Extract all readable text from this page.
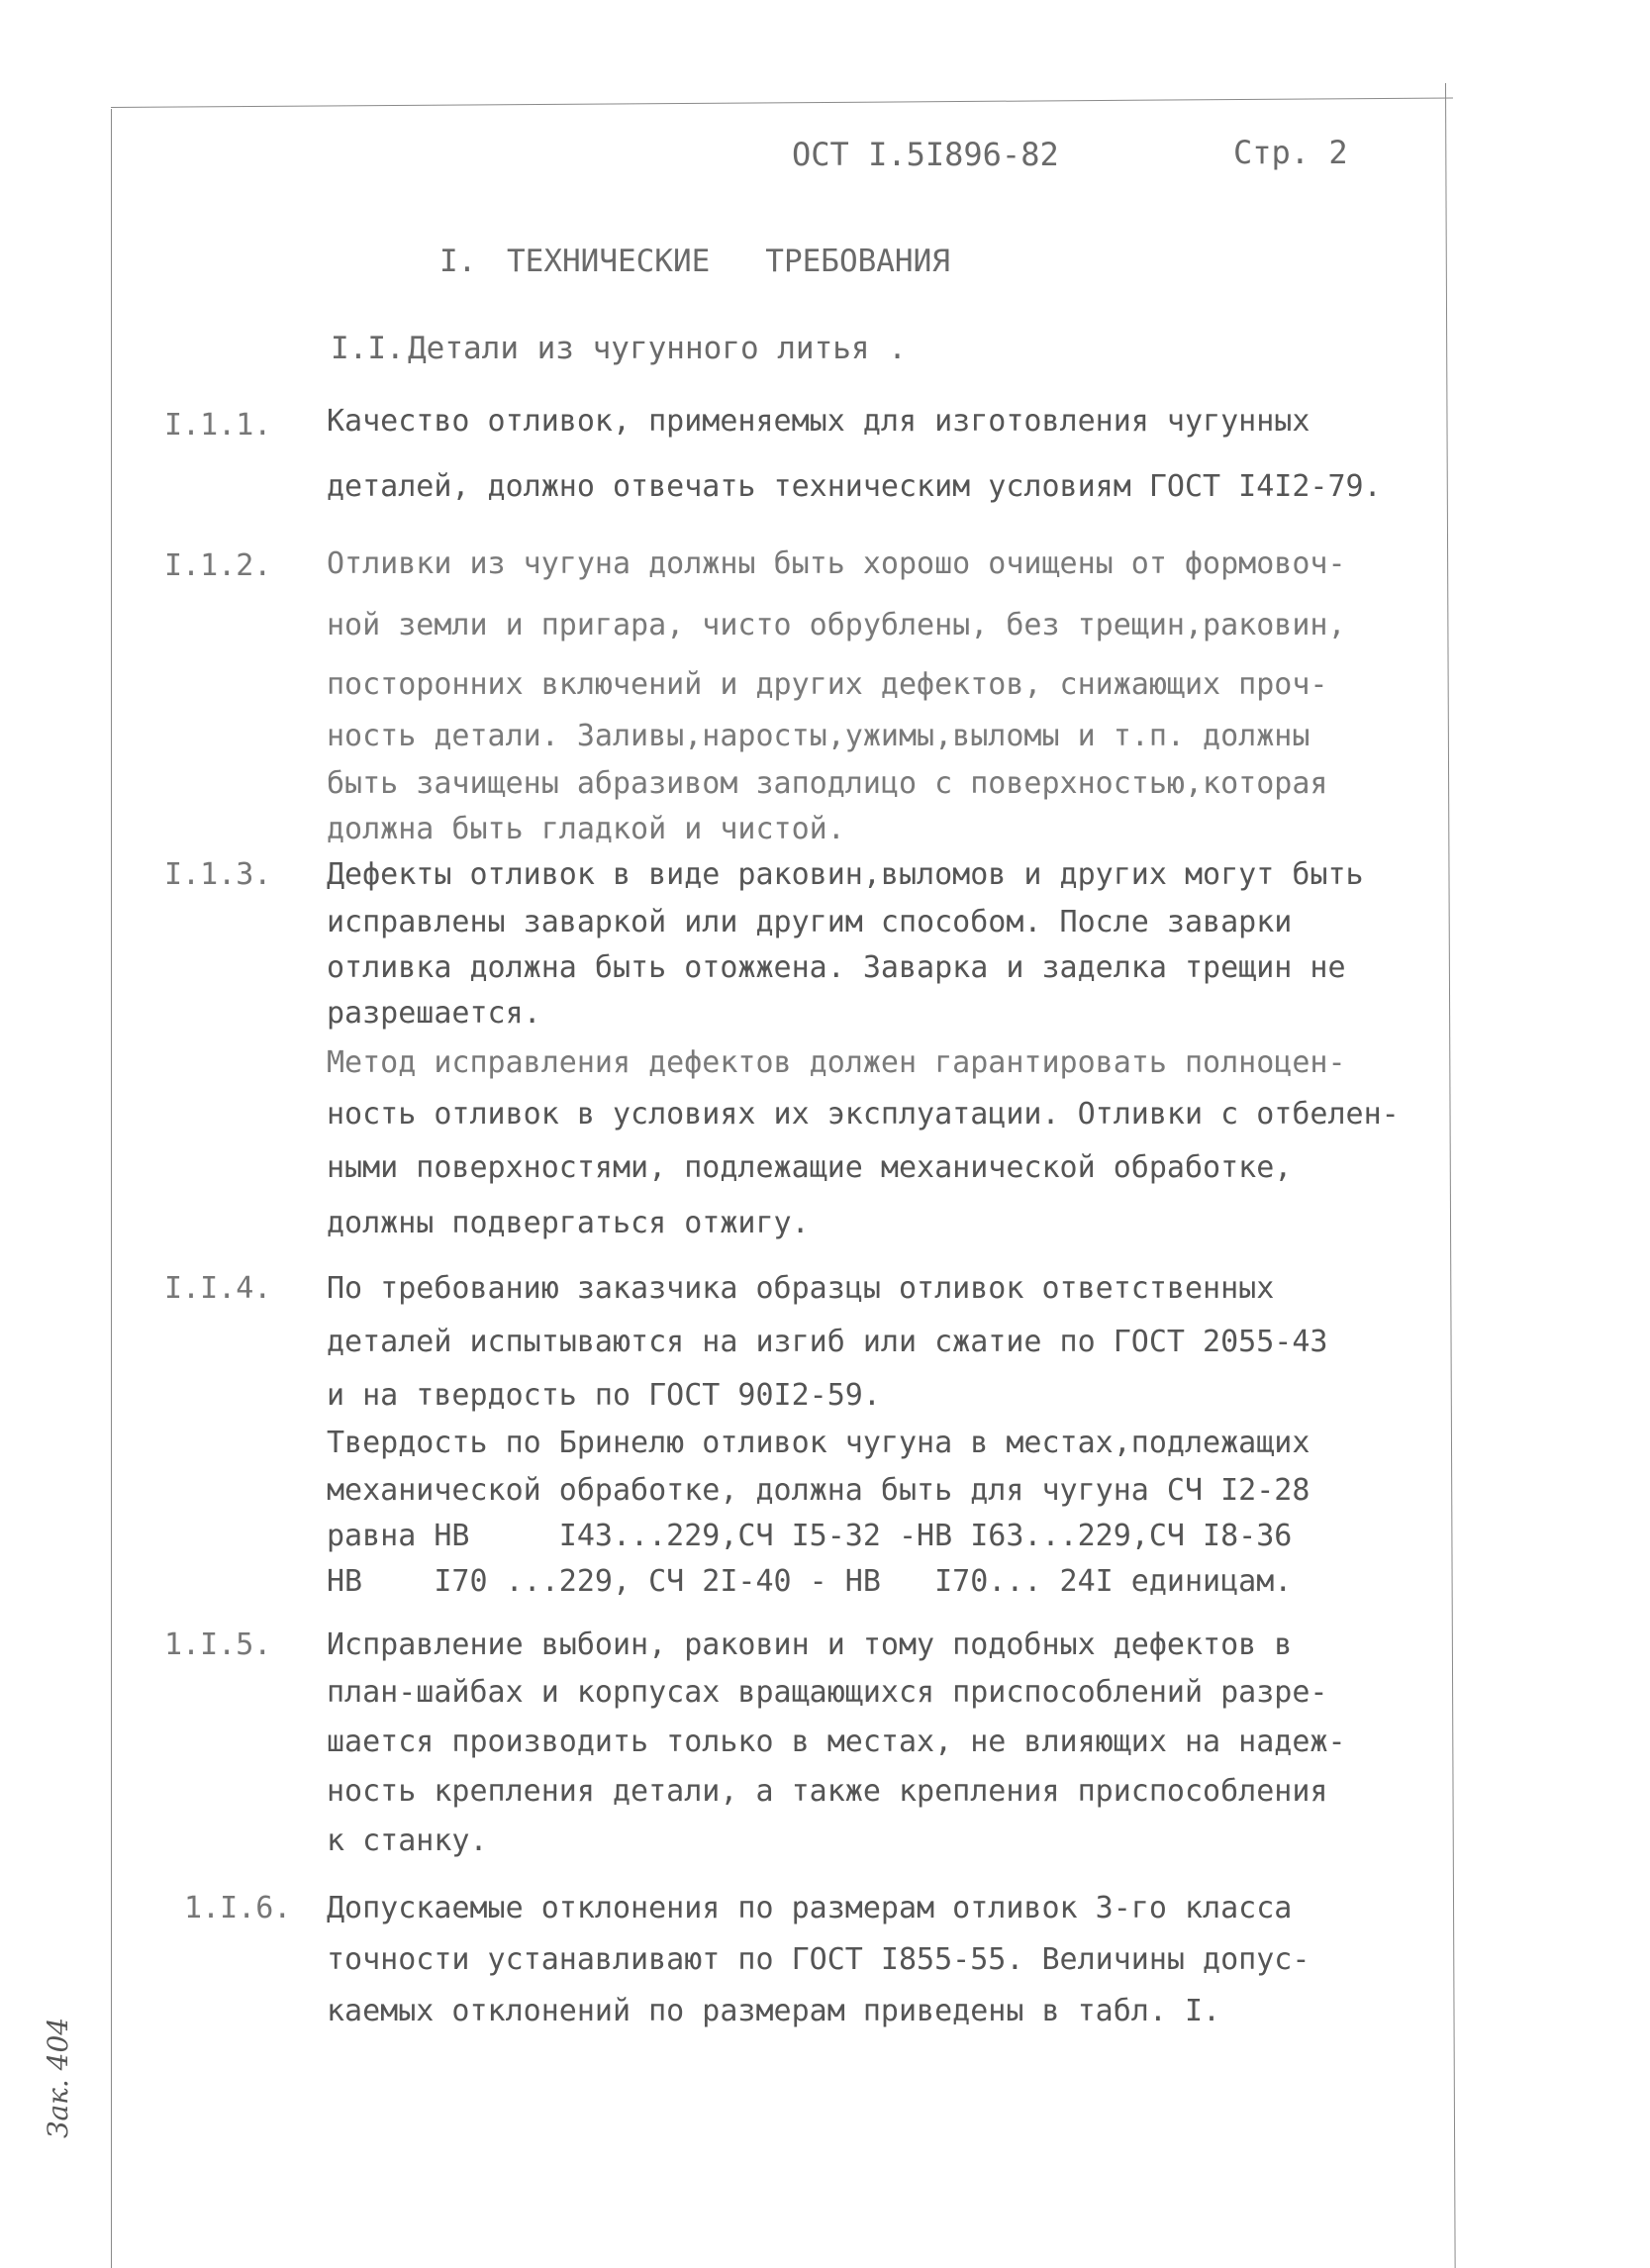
ОСТ I.5I896-82	Стр. 2
I. ТЕХНИЧЕСКИЕ   ТРЕБОВАНИЯ
I.I. Детали из чугунного литья .
I.1.1. Качество отливок, применяемых для изготовления чугунных
деталей, должно отвечать техническим условиям ГОСТ I4I2-79.
I.1.2. Отливки из чугуна должны быть хорошо очищены от формовоч-
ной земли и пригара, чисто обрублены, без трещин,раковин,
посторонних включений и других дефектов, снижающих проч-
ность детали. Заливы,наросты,ужимы,выломы и т.п. должны
быть зачищены абразивом заподлицо с поверхностью,которая
должна быть гладкой и чистой.
I.1.3. Дефекты отливок в виде раковин,выломов и других могут быть
исправлены заваркой или другим способом. После заварки
отливка должна быть отожжена. Заварка и заделка трещин не
разрешается.
Метод исправления дефектов должен гарантировать полноцен-
ность отливок в условиях их эксплуатации. Отливки с отбелен-
ными поверхностями, подлежащие механической обработке,
должны подвергаться отжигу.
I.I.4. По требованию заказчика образцы отливок ответственных
деталей испытываются на изгиб или сжатие по ГОСТ 2055-43
и на твердость по ГОСТ 90I2-59.
Твердость по Бринелю отливок чугуна в местах,подлежащих
механической обработке, должна быть для чугуна СЧ I2-28
равна НВ     I43...229,СЧ I5-32 -НВ I63...229,СЧ I8-36
НВ    I70 ...229, СЧ 2I-40 - НВ   I70... 24I единицам.
1.I.5. Исправление выбоин, раковин и тому подобных дефектов в
план-шайбах и корпусах вращающихся приспособлений разре-
шается производить только в местах, не влияющих на надеж-
ность крепления детали, а также крепления приспособления
к станку.
1.I.6. Допускаемые отклонения по размерам отливок 3-го класса
точности устанавливают по ГОСТ I855-55. Величины допус-
каемых отклонений по размерам приведены в табл. I.
Зак. 404
